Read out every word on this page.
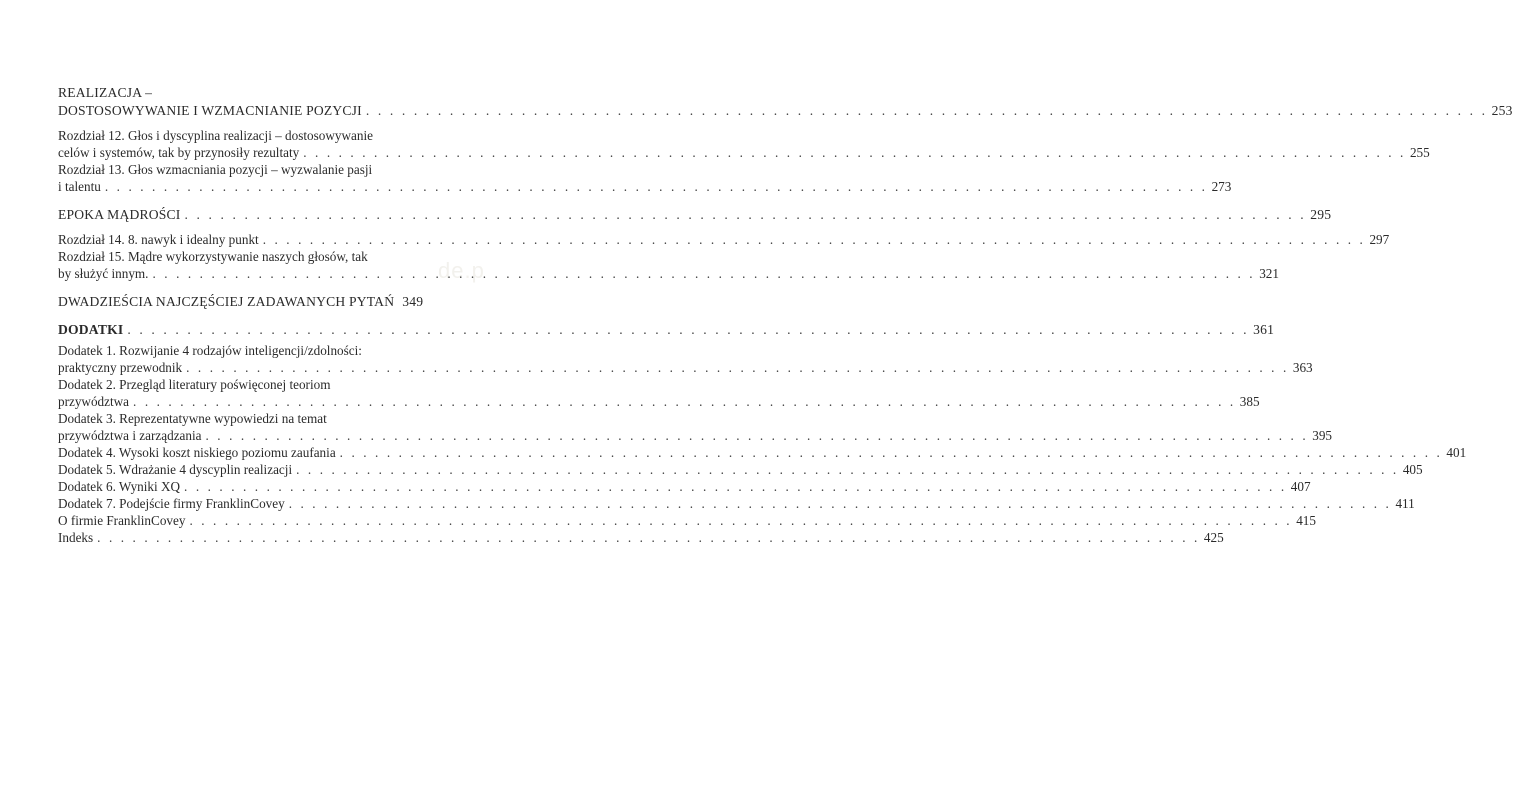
de.p
REALIZACJA –
DOSTOSOWYWANIE I WZMACNIANIE POZYCJI . . .	253
Rozdział 12. Głos i dyscyplina realizacji – dostosowywanie
celów i systemów, tak by przynosiły rezultaty . . .	255
Rozdział 13. Głos wzmacniania pozycji – wyzwalanie pasji
i talentu . . .	273
EPOKA MĄDROŚCI . . .	295
Rozdział 14. 8. nawyk i idealny punkt . . .	297
Rozdział 15. Mądre wykorzystywanie naszych głosów, tak
by służyć innym. . . .	321
DWADZIEŚCIA NAJCZĘŚCIEJ ZADAWANYCH PYTAŃ 349
DODATKI . . .	361
Dodatek 1. Rozwijanie 4 rodzajów inteligencji/zdolności:
praktyczny przewodnik . . .	363
Dodatek 2. Przegląd literatury poświęconej teoriom
przywództwa . . .	385
Dodatek 3. Reprezentatywne wypowiedzi na temat
przywództwa i zarządzania . . .	395
Dodatek 4. Wysoki koszt niskiego poziomu zaufania . . .	401
Dodatek 5. Wdrażanie 4 dyscyplin realizacji . . .	405
Dodatek 6. Wyniki XQ . . .	407
Dodatek 7. Podejście firmy FranklinCovey . . .	411
O firmie FranklinCovey . . .	415
Indeks . . .	425
